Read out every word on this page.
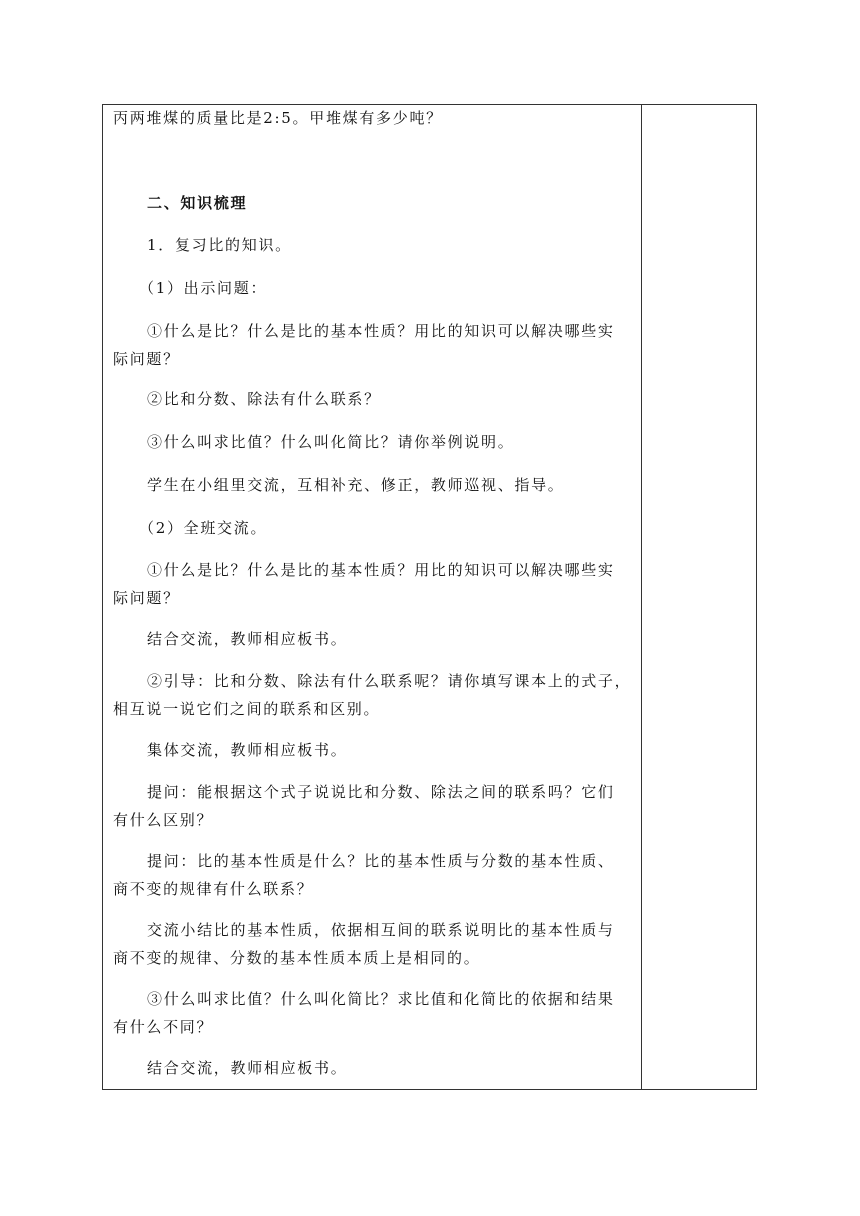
丙两堆煤的质量比是2:5。甲堆煤有多少吨？
二、知识梳理
1．复习比的知识。
（1）出示问题：
①什么是比？什么是比的基本性质？用比的知识可以解决哪些实
际问题？
②比和分数、除法有什么联系？
③什么叫求比值？什么叫化简比？请你举例说明。
学生在小组里交流，互相补充、修正，教师巡视、指导。
（2）全班交流。
①什么是比？什么是比的基本性质？用比的知识可以解决哪些实
际问题？
结合交流，教师相应板书。
②引导：比和分数、除法有什么联系呢？请你填写课本上的式子，
相互说一说它们之间的联系和区别。
集体交流，教师相应板书。
提问：能根据这个式子说说比和分数、除法之间的联系吗？它们
有什么区别？
提问：比的基本性质是什么？比的基本性质与分数的基本性质、
商不变的规律有什么联系？
交流小结比的基本性质，依据相互间的联系说明比的基本性质与
商不变的规律、分数的基本性质本质上是相同的。
③什么叫求比值？什么叫化简比？求比值和化简比的依据和结果
有什么不同？
结合交流，教师相应板书。
